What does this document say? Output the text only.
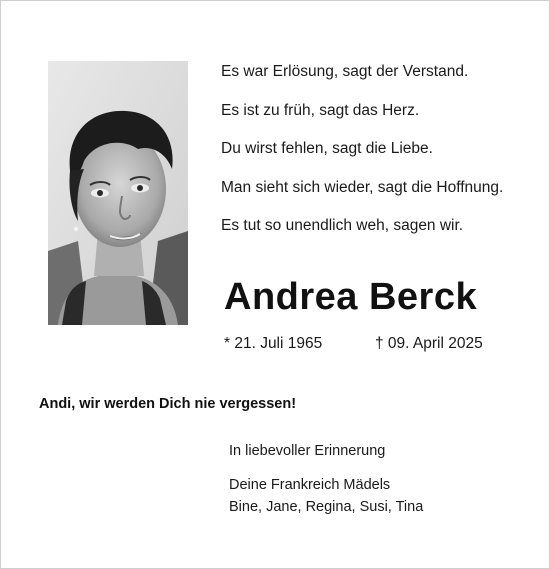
Es war Erlösung, sagt der Verstand.
Es ist zu früh, sagt das Herz.
Du wirst fehlen, sagt die Liebe.
Man sieht sich wieder, sagt die Hoffnung.
Es tut so unendlich weh, sagen wir.
Andrea Berck
* 21. Juli 1965	† 09. April 2025
Andi, wir werden Dich nie vergessen!
In liebevoller Erinnerung
Deine Frankreich Mädels
Bine, Jane, Regina, Susi, Tina
